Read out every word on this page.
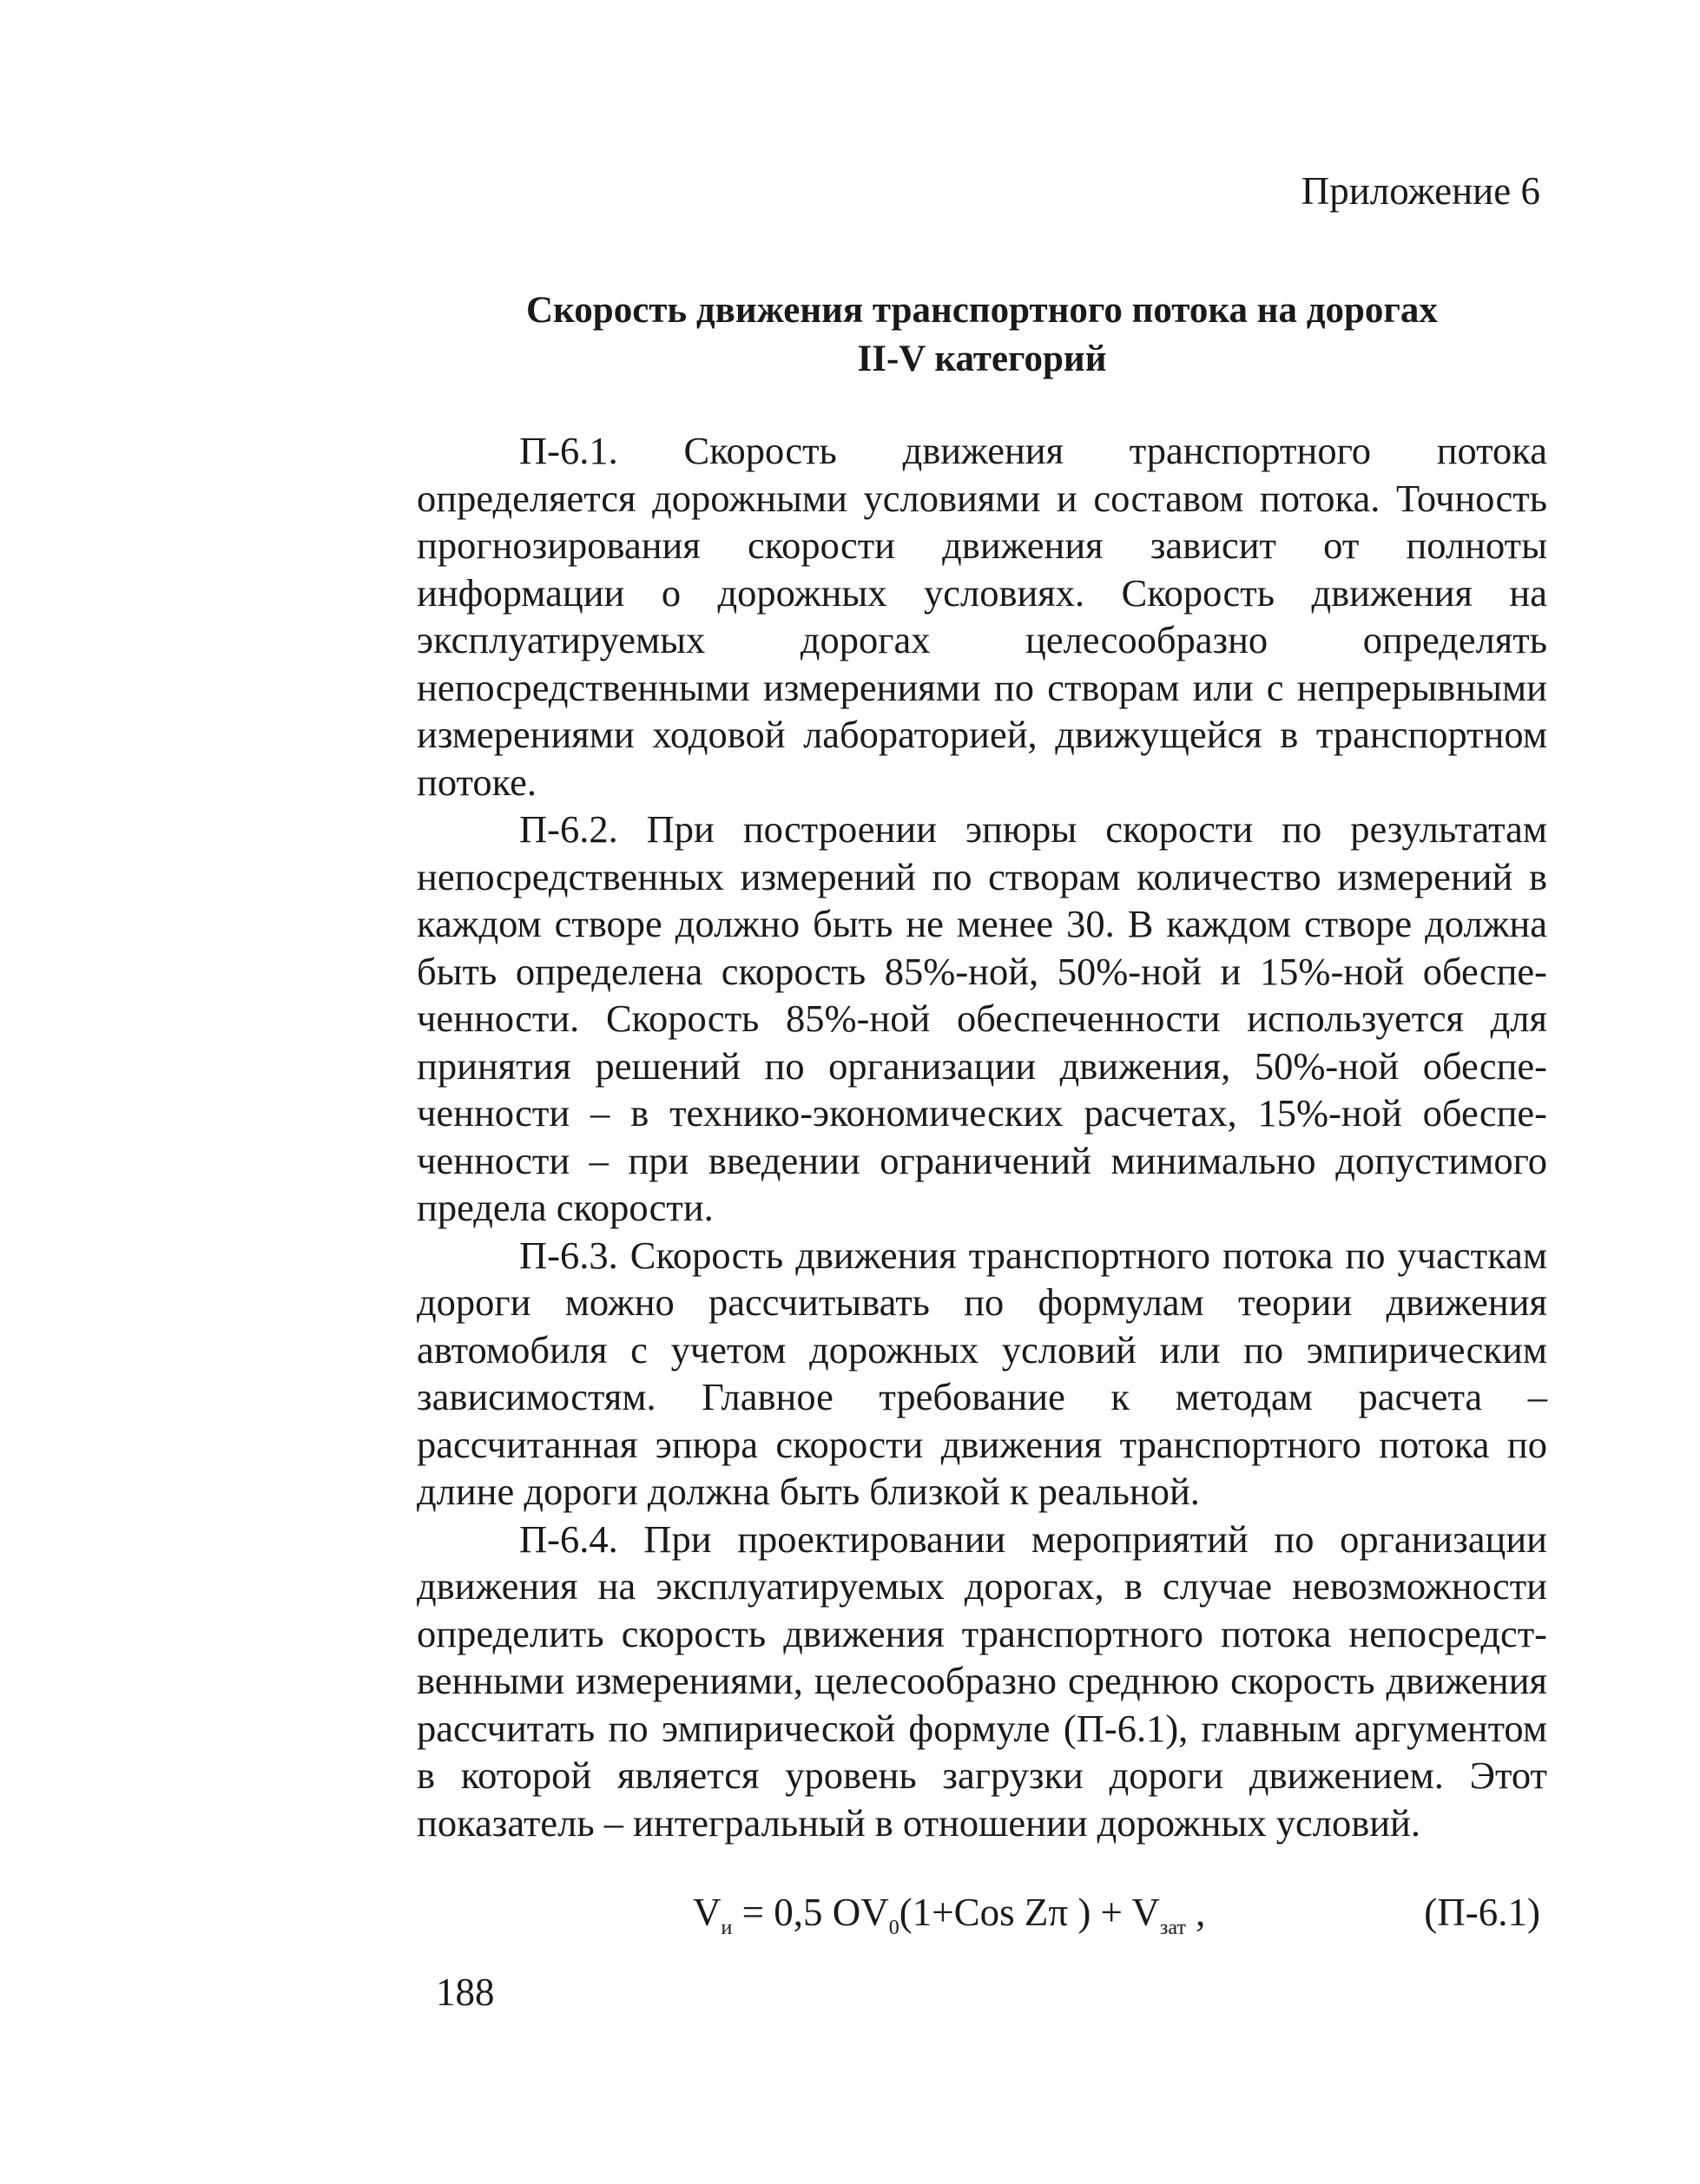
Приложение 6

Скорость движения транспортного потока на дорогах
II-V категорий

П-6.1. Скорость движения транспортного потока определяется дорожными условиями и составом потока. Точность прогнозирования скорости движения зависит от полноты информации о дорожных условиях. Скорость движения на эксплуатируемых дорогах целесообразно определять непосредственными измерениями по створам или с непрерывными измерениями ходовой лабораторией, движущейся в транспортном потоке.

П-6.2. При построении эпюры скорости по результатам непосредственных измерений по створам количество измерений в каждом створе должно быть не менее 30. В каждом створе должна быть определена скорость 85%-ной, 50%-ной и 15%-ной обеспеченности. Скорость 85%-ной обеспеченности используется для принятия решений по организации движения, 50%-ной обеспеченности – в технико-экономических расчетах, 15%-ной обеспеченности – при введении ограничений минимально допустимого предела скорости.

П-6.3. Скорость движения транспортного потока по участкам дороги можно рассчитывать по формулам теории движения автомобиля с учетом дорожных условий или по эмпирическим зависимостям. Главное требование к методам расчета – рассчитанная эпюра скорости движения транспортного потока по длине дороги должна быть близкой к реальной.

П-6.4. При проектировании мероприятий по организации движения на эксплуатируемых дорогах, в случае невозможности определить скорость движения транспортного потока непосредственными измерениями, целесообразно среднюю скорость движения рассчитать по эмпирической формуле (П-6.1), главным аргументом в которой является уровень загрузки дороги движением. Этот показатель – интегральный в отношении дорожных условий.

$V_и = 0,5$ $OV_0(1+Cos$ Zπ ) + $V_{зат}$ ,	(П-6.1)
188
